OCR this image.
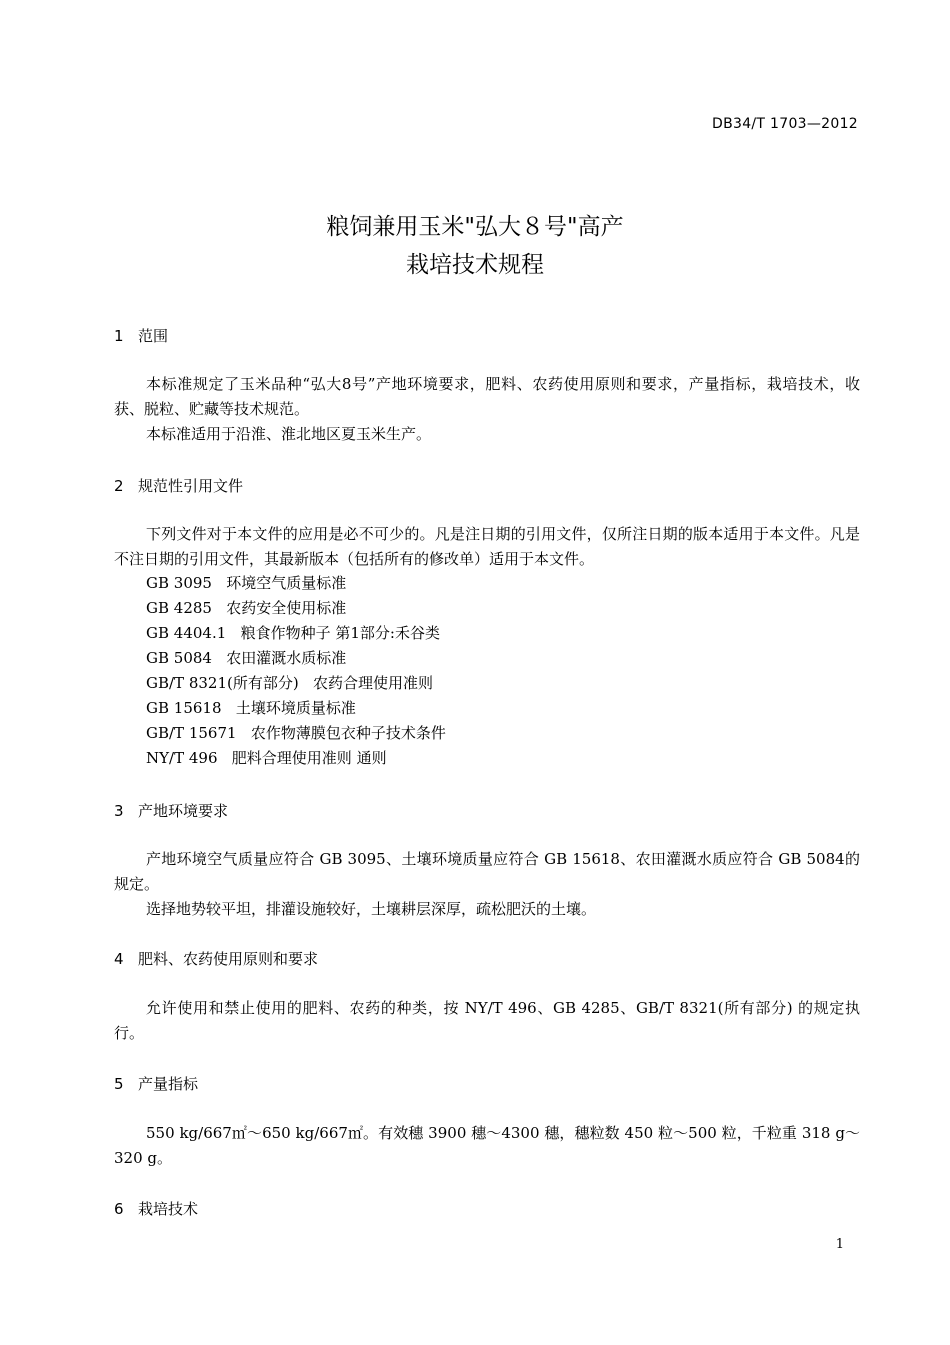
DB34/T 1703—2012
粮饲兼用玉米"弘大８号"高产
栽培技术规程
1 范围
本标准规定了玉米品种“弘大8号”产地环境要求，肥料、农药使用原则和要求，产量指标，栽培技术，收获、脱粒、贮藏等技术规范。
本标准适用于沿淮、淮北地区夏玉米生产。
2 规范性引用文件
下列文件对于本文件的应用是必不可少的。凡是注日期的引用文件，仅所注日期的版本适用于本文件。凡是不注日期的引用文件，其最新版本（包括所有的修改单）适用于本文件。
GB 3095 环境空气质量标准
GB 4285 农药安全使用标准
GB 4404.1 粮食作物种子 第1部分:禾谷类
GB 5084 农田灌溉水质标准
GB/T 8321(所有部分) 农药合理使用准则
GB 15618 土壤环境质量标准
GB/T 15671 农作物薄膜包衣种子技术条件
NY/T 496 肥料合理使用准则 通则
3 产地环境要求
产地环境空气质量应符合 GB 3095、土壤环境质量应符合 GB 15618、农田灌溉水质应符合 GB 5084的规定。
选择地势较平坦，排灌设施较好，土壤耕层深厚，疏松肥沃的土壤。
4 肥料、农药使用原则和要求
允许使用和禁止使用的肥料、农药的种类，按 NY/T 496、GB 4285、GB/T 8321(所有部分) 的规定执行。
5 产量指标
550 kg/667㎡～650 kg/667㎡。有效穗 3900 穗～4300 穗，穗粒数 450 粒～500 粒，千粒重 318 g～320 g。
6 栽培技术
1
